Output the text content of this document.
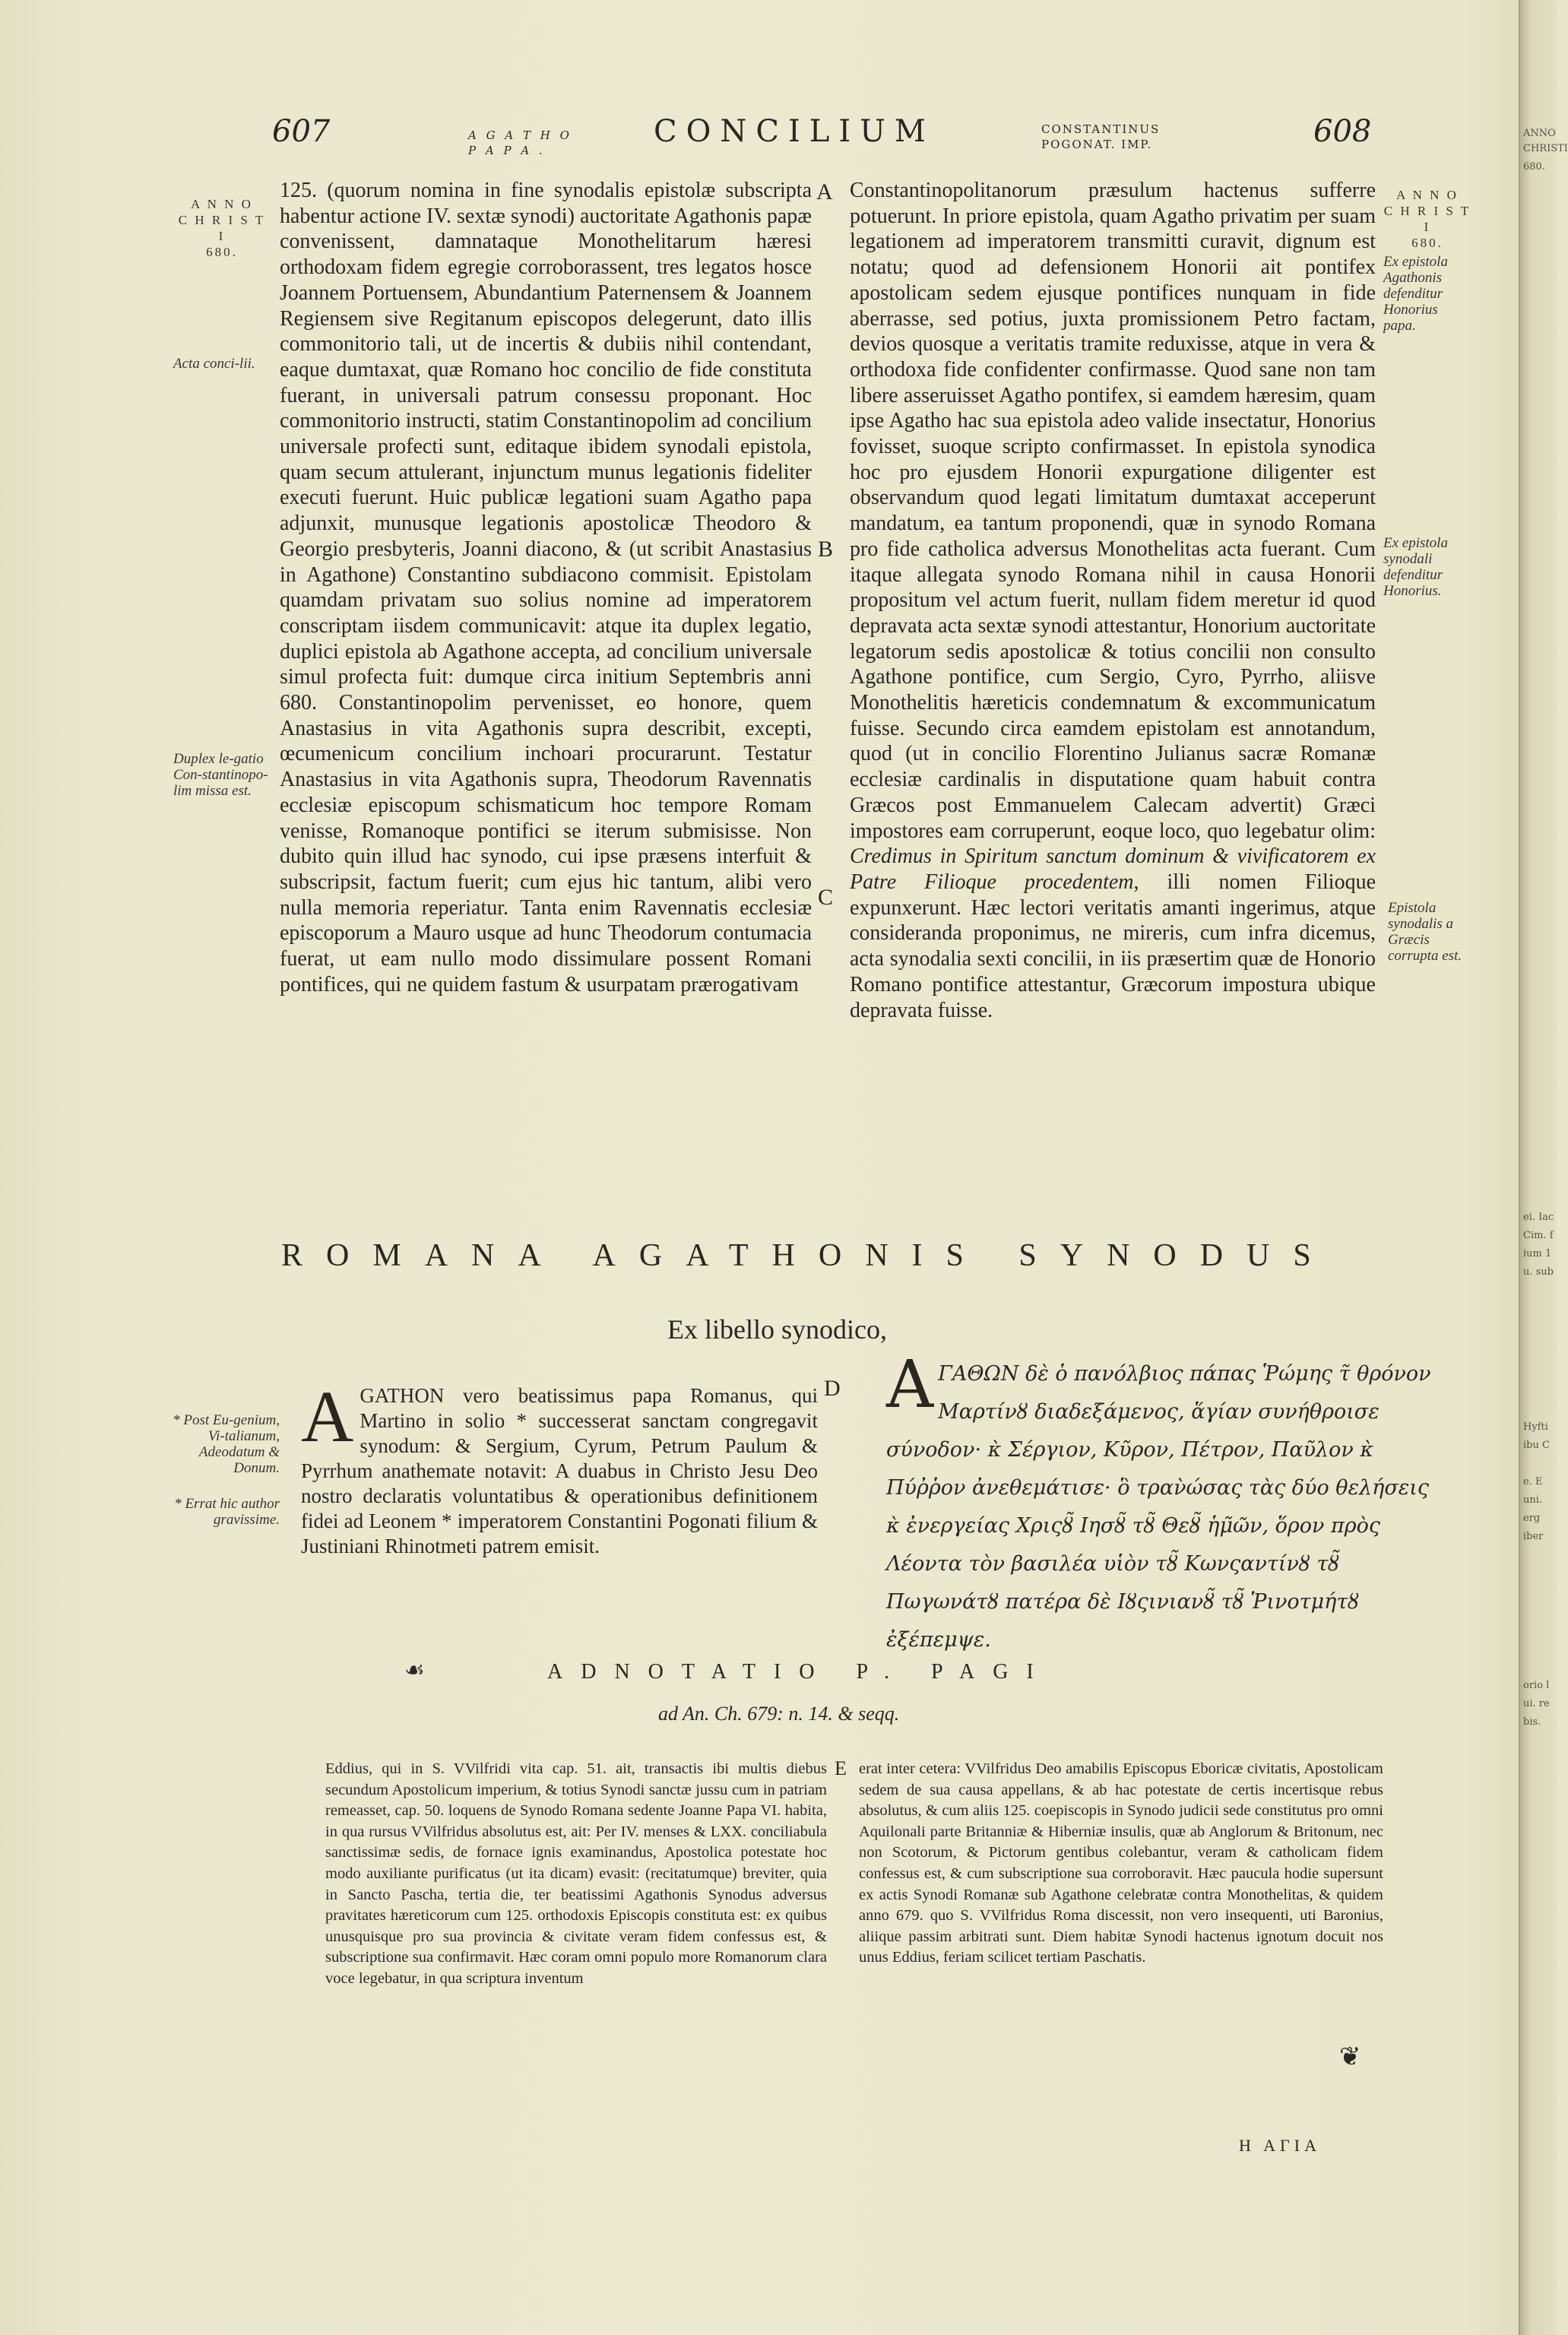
607	A G A T H O
P A P A .
CONCILIUM	CONSTANTINUS
POGONAT. IMP.	608
A N N O
C H R I S T I
680.
Acta conci-lii.
Duplex le-gatio Con-stantinopo-lim missa est.
* Post Eu-genium, Vi-talianum, Adeodatum & Donum.
* Errat hic author gravissime.
A N N O
C H R I S T I
680.
Ex epistola Agathonis defenditur Honorius papa.
Ex epistola synodali defenditur Honorius.
Epistola synodalis a Græcis corrupta est.
A
B
C
D
E

125. (quorum nomina in fine synodalis epistolæ subscripta habentur actione IV. sextæ synodi) auctoritate Agathonis papæ convenissent, damnataque Monothelitarum hæresi orthodoxam fidem egregie corroborassent, tres legatos hosce Joannem Portuensem, Abundantium Paternensem & Joannem Regiensem sive Regitanum episcopos delegerunt, dato illis commonitorio tali, ut de incertis & dubiis nihil contendant, eaque dumtaxat, quæ Romano hoc concilio de fide constituta fuerant, in universali patrum consessu proponant. Hoc commonitorio instructi, statim Constantinopolim ad concilium universale profecti sunt, editaque ibidem synodali epistola, quam secum attulerant, injunctum munus legationis fideliter executi fuerunt. Huic publicæ legationi suam Agatho papa adjunxit, munusque legationis apostolicæ Theodoro & Georgio presbyteris, Joanni diacono, & (ut scribit Anastasius in Agathone) Constantino subdiacono commisit. Epistolam quamdam privatam suo solius nomine ad imperatorem conscriptam iisdem communicavit: atque ita duplex legatio, duplici epistola ab Agathone accepta, ad concilium universale simul profecta fuit: dumque circa initium Septembris anni 680. Constantinopolim pervenisset, eo honore, quem Anastasius in vita Agathonis supra describit, excepti, œcumenicum concilium inchoari procurarunt. Testatur Anastasius in vita Agathonis supra, Theodorum Ravennatis ecclesiæ episcopum schismaticum hoc tempore Romam venisse, Romanoque pontifici se iterum submisisse. Non dubito quin illud hac synodo, cui ipse præsens interfuit & subscripsit, factum fuerit; cum ejus hic tantum, alibi vero nulla memoria reperiatur. Tanta enim Ravennatis ecclesiæ episcoporum a Mauro usque ad hunc Theodorum contumacia fuerat, ut eam nullo modo dissimulare possent Romani pontifices, qui ne quidem fastum & usurpatam prærogativam

Constantinopolitanorum præsulum hactenus sufferre potuerunt. In priore epistola, quam Agatho privatim per suam legationem ad imperatorem transmitti curavit, dignum est notatu; quod ad defensionem Honorii ait pontifex apostolicam sedem ejusque pontifices nunquam in fide aberrasse, sed potius, juxta promissionem Petro factam, devios quosque a veritatis tramite reduxisse, atque in vera & orthodoxa fide confidenter confirmasse. Quod sane non tam libere asseruisset Agatho pontifex, si eamdem hæresim, quam ipse Agatho hac sua epistola adeo valide insectatur, Honorius fovisset, suoque scripto confirmasset. In epistola synodica hoc pro ejusdem Honorii expurgatione diligenter est observandum quod legati limitatum dumtaxat acceperunt mandatum, ea tantum proponendi, quæ in synodo Romana pro fide catholica adversus Monothelitas acta fuerant. Cum itaque allegata synodo Romana nihil in causa Honorii propositum vel actum fuerit, nullam fidem meretur id quod depravata acta sextæ synodi attestantur, Honorium auctoritate legatorum sedis apostolicæ & totius concilii non consulto Agathone pontifice, cum Sergio, Cyro, Pyrrho, aliisve Monothelitis hæreticis condemnatum & excommunicatum fuisse. Secundo circa eamdem epistolam est annotandum, quod (ut in concilio Florentino Julianus sacræ Romanæ ecclesiæ cardinalis in disputatione quam habuit contra Græcos post Emmanuelem Calecam advertit) Græci impostores eam corruperunt, eoque loco, quo legebatur olim: Credimus in Spiritum sanctum dominum & vivificatorem ex Patre Filioque procedentem, illi nomen Filioque expunxerunt. Hæc lectori veritatis amanti ingerimus, atque consideranda proponimus, ne mireris, cum infra dicemus, acta synodalia sexti concilii, in iis præsertim quæ de Honorio Romano pontifice attestantur, Græcorum impostura ubique depravata fuisse.

ROMANA AGATHONIS SYNODUS
Ex libello synodico,
AGATHON vero beatissimus papa Romanus, qui Martino in solio * successerat sanctam congregavit synodum: & Sergium, Cyrum, Petrum Paulum & Pyrrhum anathemate notavit: A duabus in Christo Jesu Deo nostro declaratis voluntatibus & operationibus definitionem fidei ad Leonem * imperatorem Constantini Pogonati filium & Justiniani Rhinotmeti patrem emisit.
ΑΓΑΘΩΝ δὲ ὁ πανόλβιος πάπας Ῥώμης τ̃ θρόνον Μαρτίνȣ διαδεξάμενος, ἅγίαν συνήθροισε σύνοδον· κ̀ Σέργιον, Κῦρον, Πέτρον, Παῦλον κ̀ Πύῤῥον ἀνεθεμάτισε· ὃ τραν̀ώσας τὰς δύο θελήσεις κ̀ ἐνεργείας Χριςȣ̃ Ιησȣ̃ τȣ̃ Θεȣ̃ ἡμ̃ῶν, ὅρον πρὸς Λέοντα τὸν βασιλέα υἱὸν τȣ̃ Κωνςαντίνȣ τȣ̃ Πωγωνάτȣ πατέρα δὲ Ιȣςινιανȣ̃ τȣ̃ Ῥινοτμήτȣ ἐξέπεμψε.
☙	ADNOTATIO P. PAGI
ad An. Ch. 679: n. 14. & seqq.

Eddius, qui in S. VVilfridi vita cap. 51. ait, transactis ibi multis diebus secundum Apostolicum imperium, & totius Synodi sanctæ jussu cum in patriam remeasset, cap. 50. loquens de Synodo Romana sedente Joanne Papa VI. habita, in qua rursus VVilfridus absolutus est, ait: Per IV. menses & LXX. conciliabula sanctissimæ sedis, de fornace ignis examinandus, Apostolica potestate hoc modo auxiliante purificatus (ut ita dicam) evasit: (recitatumque) breviter, quia in Sancto Pascha, tertia die, ter beatissimi Agathonis Synodus adversus pravitates hæreticorum cum 125. orthodoxis Episcopis constituta est: ex quibus unusquisque pro sua provincia & civitate veram fidem confessus est, & subscriptione sua confirmavit. Hæc coram omni populo more Romanorum clara voce legebatur, in qua scriptura inventum

erat inter cetera: VVilfridus Deo amabilis Episcopus Eboricæ civitatis, Apostolicam sedem de sua causa appellans, & ab hac potestate de certis incertisque rebus absolutus, & cum aliis 125. coepiscopis in Synodo judicii sede constitutus pro omni Aquilonali parte Britanniæ & Hiberniæ insulis, quæ ab Anglorum & Britonum, nec non Scotorum, & Pictorum gentibus colebantur, veram & catholicam fidem confessus est, & cum subscriptione sua corroboravit. Hæc paucula hodie supersunt ex actis Synodi Romanæ sub Agathone celebratæ contra Monothelitas, & quidem anno 679. quo S. VVilfridus Roma discessit, non vero insequenti, uti Baronius, aliique passim arbitrati sunt. Diem habitæ Synodi hactenus ignotum docuit nos unus Eddius, feriam scilicet tertiam Paschatis.

❦
H AΓIA
ANNO
CHRISTI
680.
ei. Iac
Cim. f
ium 1
u. sub
Hyfti
ibu C
e. E
uni.
erg
iber
orio l
ui. re
bis.
